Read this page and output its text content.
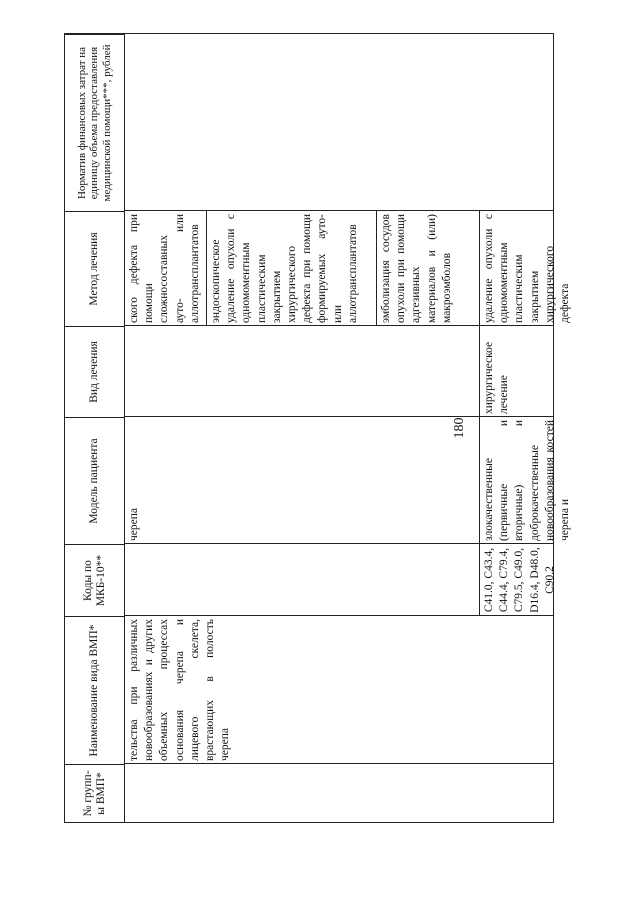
180
№ групп-ы ВМП*
Наименование вида ВМП*
Коды по МКБ-10**
Модель пациента
Вид лечения
Метод лечения
Норматив финансовых затрат на единицу объема предоставления медицинской помощи***, рублей
тельства при различных новообразованиях и других объемных процессах основания черепа и лицевого скелета, врастающих в полость черепа
черепа
ского дефекта при помощи сложносоставных ауто- или аллотрансплантатов эндоскопическое удаление опухоли с одномоментным пластическим закрытием хирургического дефекта при помощи формируемых ауто- или аллотрансплантатов эмболизация сосудов опухоли при помощи адгезивных материалов и (или) макроэмболов
C41.0, C43.4, C44.4, C79.4, C79.5, C49.0, D16.4, D48.0, C90.2
злокачественные (первичные и вторичные) и доброкачественные новообразования костей черепа и
хирургическое лечение
удаление опухоли с одномоментным пластическим закрытием хирургического дефекта
